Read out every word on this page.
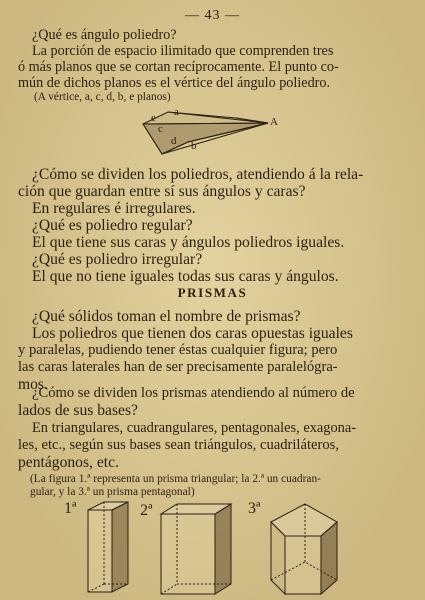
— 43 —
¿Qué es ángulo poliedro?
La porción de espacio ilimitado que comprenden tres
ó más planos que se cortan recíprocamente. El punto co-
mún de dichos planos es el vértice del ángulo poliedro.
(A vértice, a, c, d, b, e planos)
e a
A
c
d b
¿Cómo se dividen los poliedros, atendiendo á la rela-
ción que guardan entre sí sus ángulos y caras?
En regulares é irregulares.
¿Qué es poliedro regular?
El que tiene sus caras y ángulos poliedros iguales.
¿Qué es poliedro irregular?
El que no tiene iguales todas sus caras y ángulos.
PRISMAS
¿Qué sólidos toman el nombre de prismas?
Los poliedros que tienen dos caras opuestas iguales
y paralelas, pudiendo tener éstas cualquier figura; pero
las caras laterales han de ser precisamente paralelógra-
mos.
¿Cómo se dividen los prismas atendiendo al número de
lados de sus bases?
En triangulares, cuadrangulares, pentagonales, exagona-
les, etc., según sus bases sean triángulos, cuadriláteros,
pentágonos, etc.
(La figura 1.ª representa un prisma triangular; la 2.ª un cuadran-
gular, y la 3.ª un prisma pentagonal)
1ª	2ª	3ª
